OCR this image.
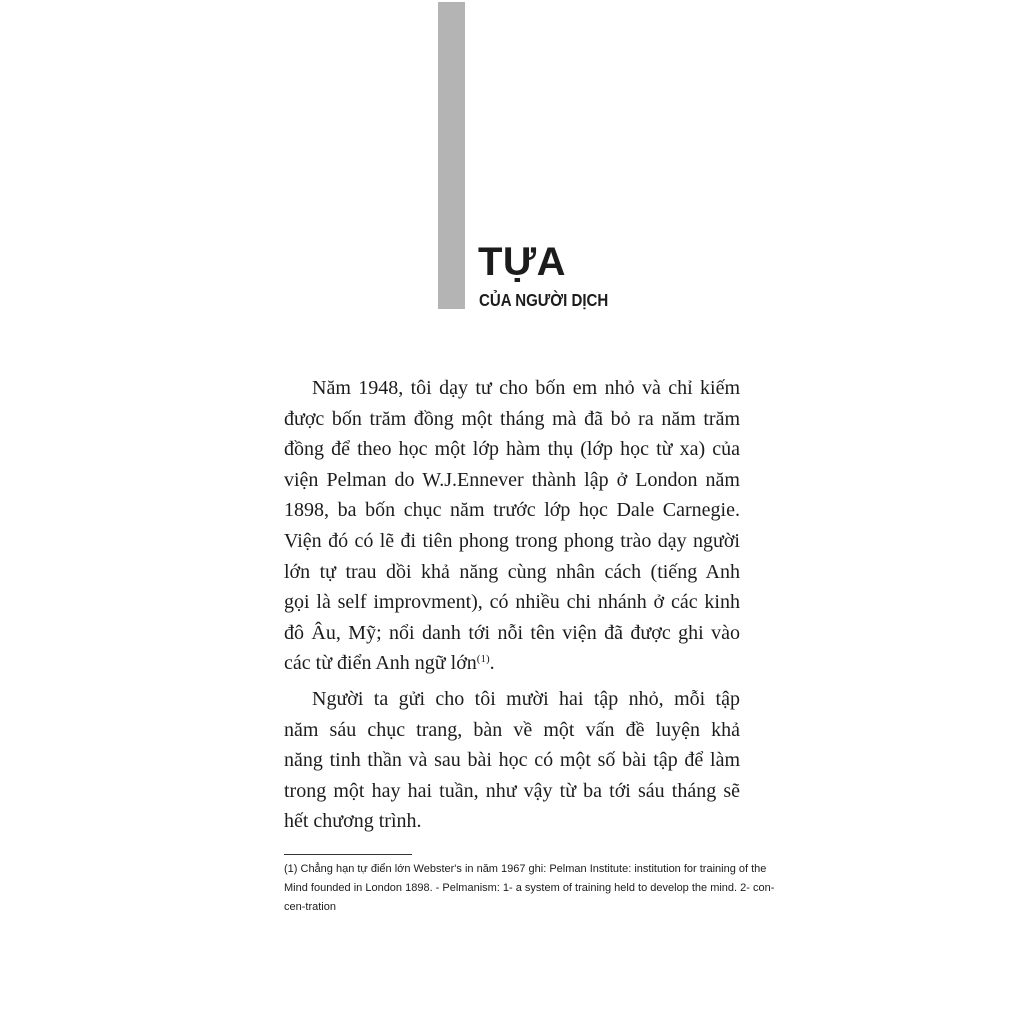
TỰA
CỦA NGƯỜI DỊCH
Năm 1948, tôi dạy tư cho bốn em nhỏ và chỉ kiếm
được bốn trăm đồng một tháng mà đã bỏ ra năm trăm
đồng để theo học một lớp hàm thụ (lớp học từ xa) của
viện Pelman do W.J.Ennever thành lập ở London năm
1898, ba bốn chục năm trước lớp học Dale Carnegie.
Viện đó có lẽ đi tiên phong trong phong trào dạy người
lớn tự trau dồi khả năng cùng nhân cách (tiếng Anh
gọi là self improvment), có nhiều chi nhánh ở các kinh
đô Âu, Mỹ; nổi danh tới nỗi tên viện đã được ghi vào
các từ điển Anh ngữ lớn$^{(1)}$.
Người ta gửi cho tôi mười hai tập nhỏ, mỗi tập
năm sáu chục trang, bàn về một vấn đề luyện khả
năng tinh thần và sau bài học có một số bài tập để làm
trong một hay hai tuần, như vậy từ ba tới sáu tháng sẽ
hết chương trình.
(1) Chẳng hạn tự điển lớn Webster's in năm 1967 ghi: Pelman Institute: institution for training of the
Mind founded in London 1898. - Pelmanism: 1- a system of training held to develop the mind. 2- con-
cen-tration
